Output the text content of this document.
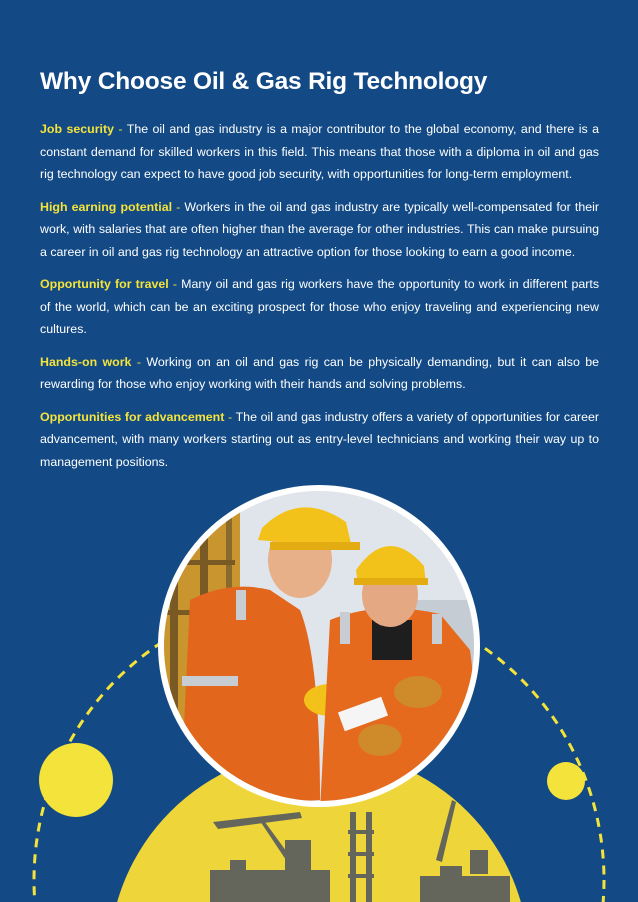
Why Choose Oil & Gas Rig Technology

Job security - The oil and gas industry is a major contributor to the global economy, and there is a constant demand for skilled workers in this field. This means that those with a diploma in oil and gas rig technology can expect to have good job security, with opportunities for long-term employment.

High earning potential - Workers in the oil and gas industry are typically well-compensated for their work, with salaries that are often higher than the average for other industries. This can make pursuing a career in oil and gas rig technology an attractive option for those looking to earn a good income.

Opportunity for travel - Many oil and gas rig workers have the opportunity to work in different parts of the world, which can be an exciting prospect for those who enjoy traveling and experiencing new cultures.

Hands-on work - Working on an oil and gas rig can be physically demanding, but it can also be rewarding for those who enjoy working with their hands and solving problems.

Opportunities for advancement - The oil and gas industry offers a variety of opportunities for career advancement, with many workers starting out as entry-level technicians and working their way up to management positions.
